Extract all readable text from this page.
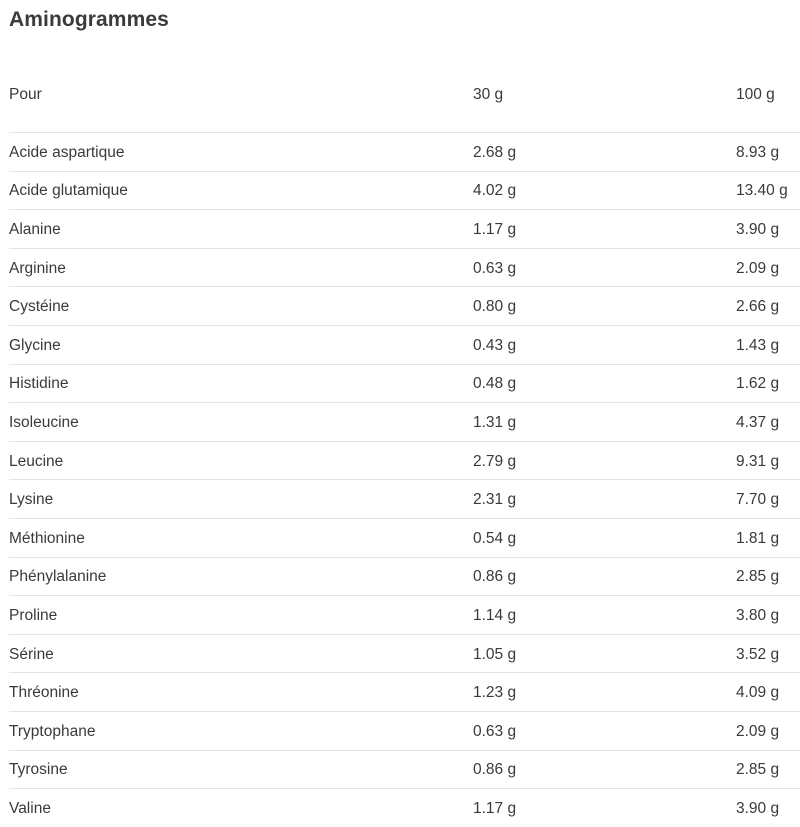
Aminogrammes
Pour	30 g	100 g
Acide aspartique	2.68 g	8.93 g
Acide glutamique	4.02 g	13.40 g
Alanine	1.17 g	3.90 g
Arginine	0.63 g	2.09 g
Cystéine	0.80 g	2.66 g
Glycine	0.43 g	1.43 g
Histidine	0.48 g	1.62 g
Isoleucine	1.31 g	4.37 g
Leucine	2.79 g	9.31 g
Lysine	2.31 g	7.70 g
Méthionine	0.54 g	1.81 g
Phénylalanine	0.86 g	2.85 g
Proline	1.14 g	3.80 g
Sérine	1.05 g	3.52 g
Thréonine	1.23 g	4.09 g
Tryptophane	0.63 g	2.09 g
Tyrosine	0.86 g	2.85 g
Valine	1.17 g	3.90 g
